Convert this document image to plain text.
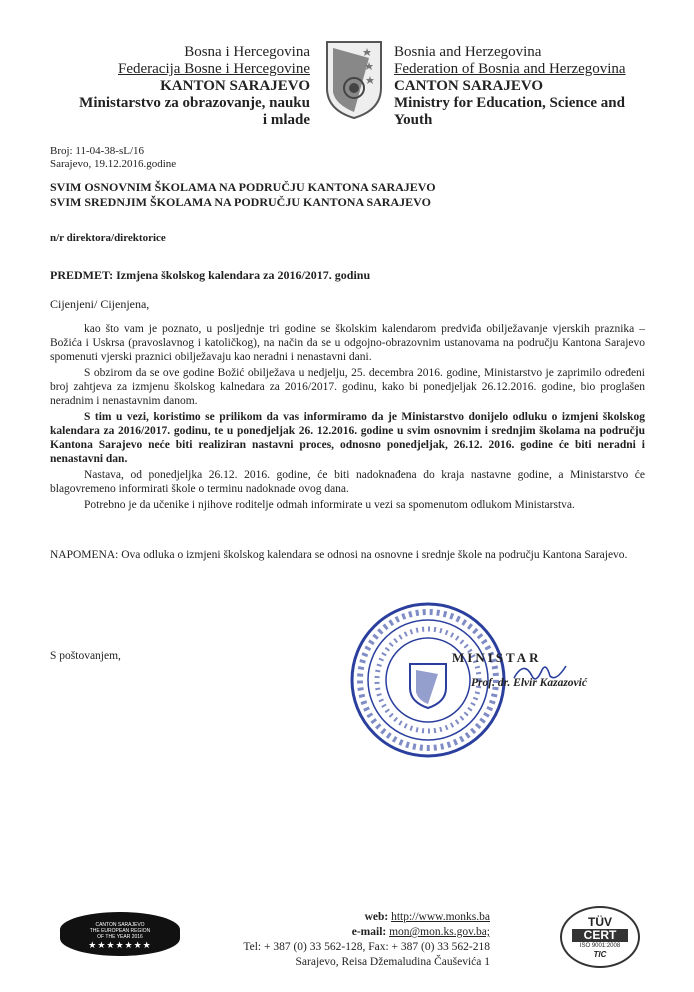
Bosna i Hercegovina
Federacija Bosne i Hercegovine
KANTON SARAJEVO
Ministarstvo za obrazovanje, nauku
i mlade
Bosnia and Herzegovina
Federation of Bosnia and Herzegovina
CANTON SARAJEVO
Ministry for Education, Science and
Youth
Broj: 11-04-38-sL/16
Sarajevo, 19.12.2016.godine
SVIM OSNOVNIM ŠKOLAMA NA PODRUČJU KANTONA SARAJEVO
SVIM SREDNJIM ŠKOLAMA NA PODRUČJU KANTONA SARAJEVO
n/r direktora/direktorice
PREDMET: Izmjena školskog kalendara za 2016/2017. godinu
Cijenjeni/ Cijenjena,

kao što vam je poznato, u posljednje tri godine se školskim kalendarom predviđa obilježavanje vjerskih praznika – Božića i Uskrsa (pravoslavnog i katoličkog), na način da se u odgojno-obrazovnim ustanovama na području Kantona Sarajevo spomenuti vjerski praznici obilježavaju kao neradni i nenastavni dani.

S obzirom da se ove godine Božić obilježava u nedjelju, 25. decembra 2016. godine, Ministarstvo je zaprimilo određeni broj zahtjeva za izmjenu školskog kalnedara za 2016/2017. godinu, kako bi ponedjeljak 26.12.2016. godine, bio proglašen neradnim i nenastavnim danom.

S tim u vezi, koristimo se prilikom da vas informiramo da je Ministarstvo donijelo odluku o izmjeni školskog kalendara za 2016/2017. godinu, te u ponedjeljak 26. 12.2016. godine u svim osnovnim i srednjim školama na području Kantona Sarajevo neće biti realiziran nastavni proces, odnosno ponedjeljak, 26.12. 2016. godine će biti neradni i nenastavni dan.

Nastava, od ponedjeljka 26.12. 2016. godine, će biti nadoknađena do kraja nastavne godine, a Ministarstvo će blagovremeno informirati škole o terminu nadoknade ovog dana.

Potrebno je da učenike i njihove roditelje odmah informirate u vezi sa spomenutom odlukom Ministarstva.

NAPOMENA: Ova odluka o izmjeni školskog kalendara se odnosi na osnovne i srednje škole na području Kantona Sarajevo.
S poštovanjem,	MINISTAR
Prof. dr. Elvir Kazazović
CANTON SARAJEVO
THE EUROPEAN REGION
OF THE YEAR 2016
★★★★★★★
web: http://www.monks.ba
e-mail: mon@mon.ks.gov.ba;
Tel: + 387 (0) 33 562-128, Fax: + 387 (0) 33 562-218
Sarajevo, Reisa Džemaludina Čauševića 1
TÜV
CERT
ISO 9001:2008
TIC
